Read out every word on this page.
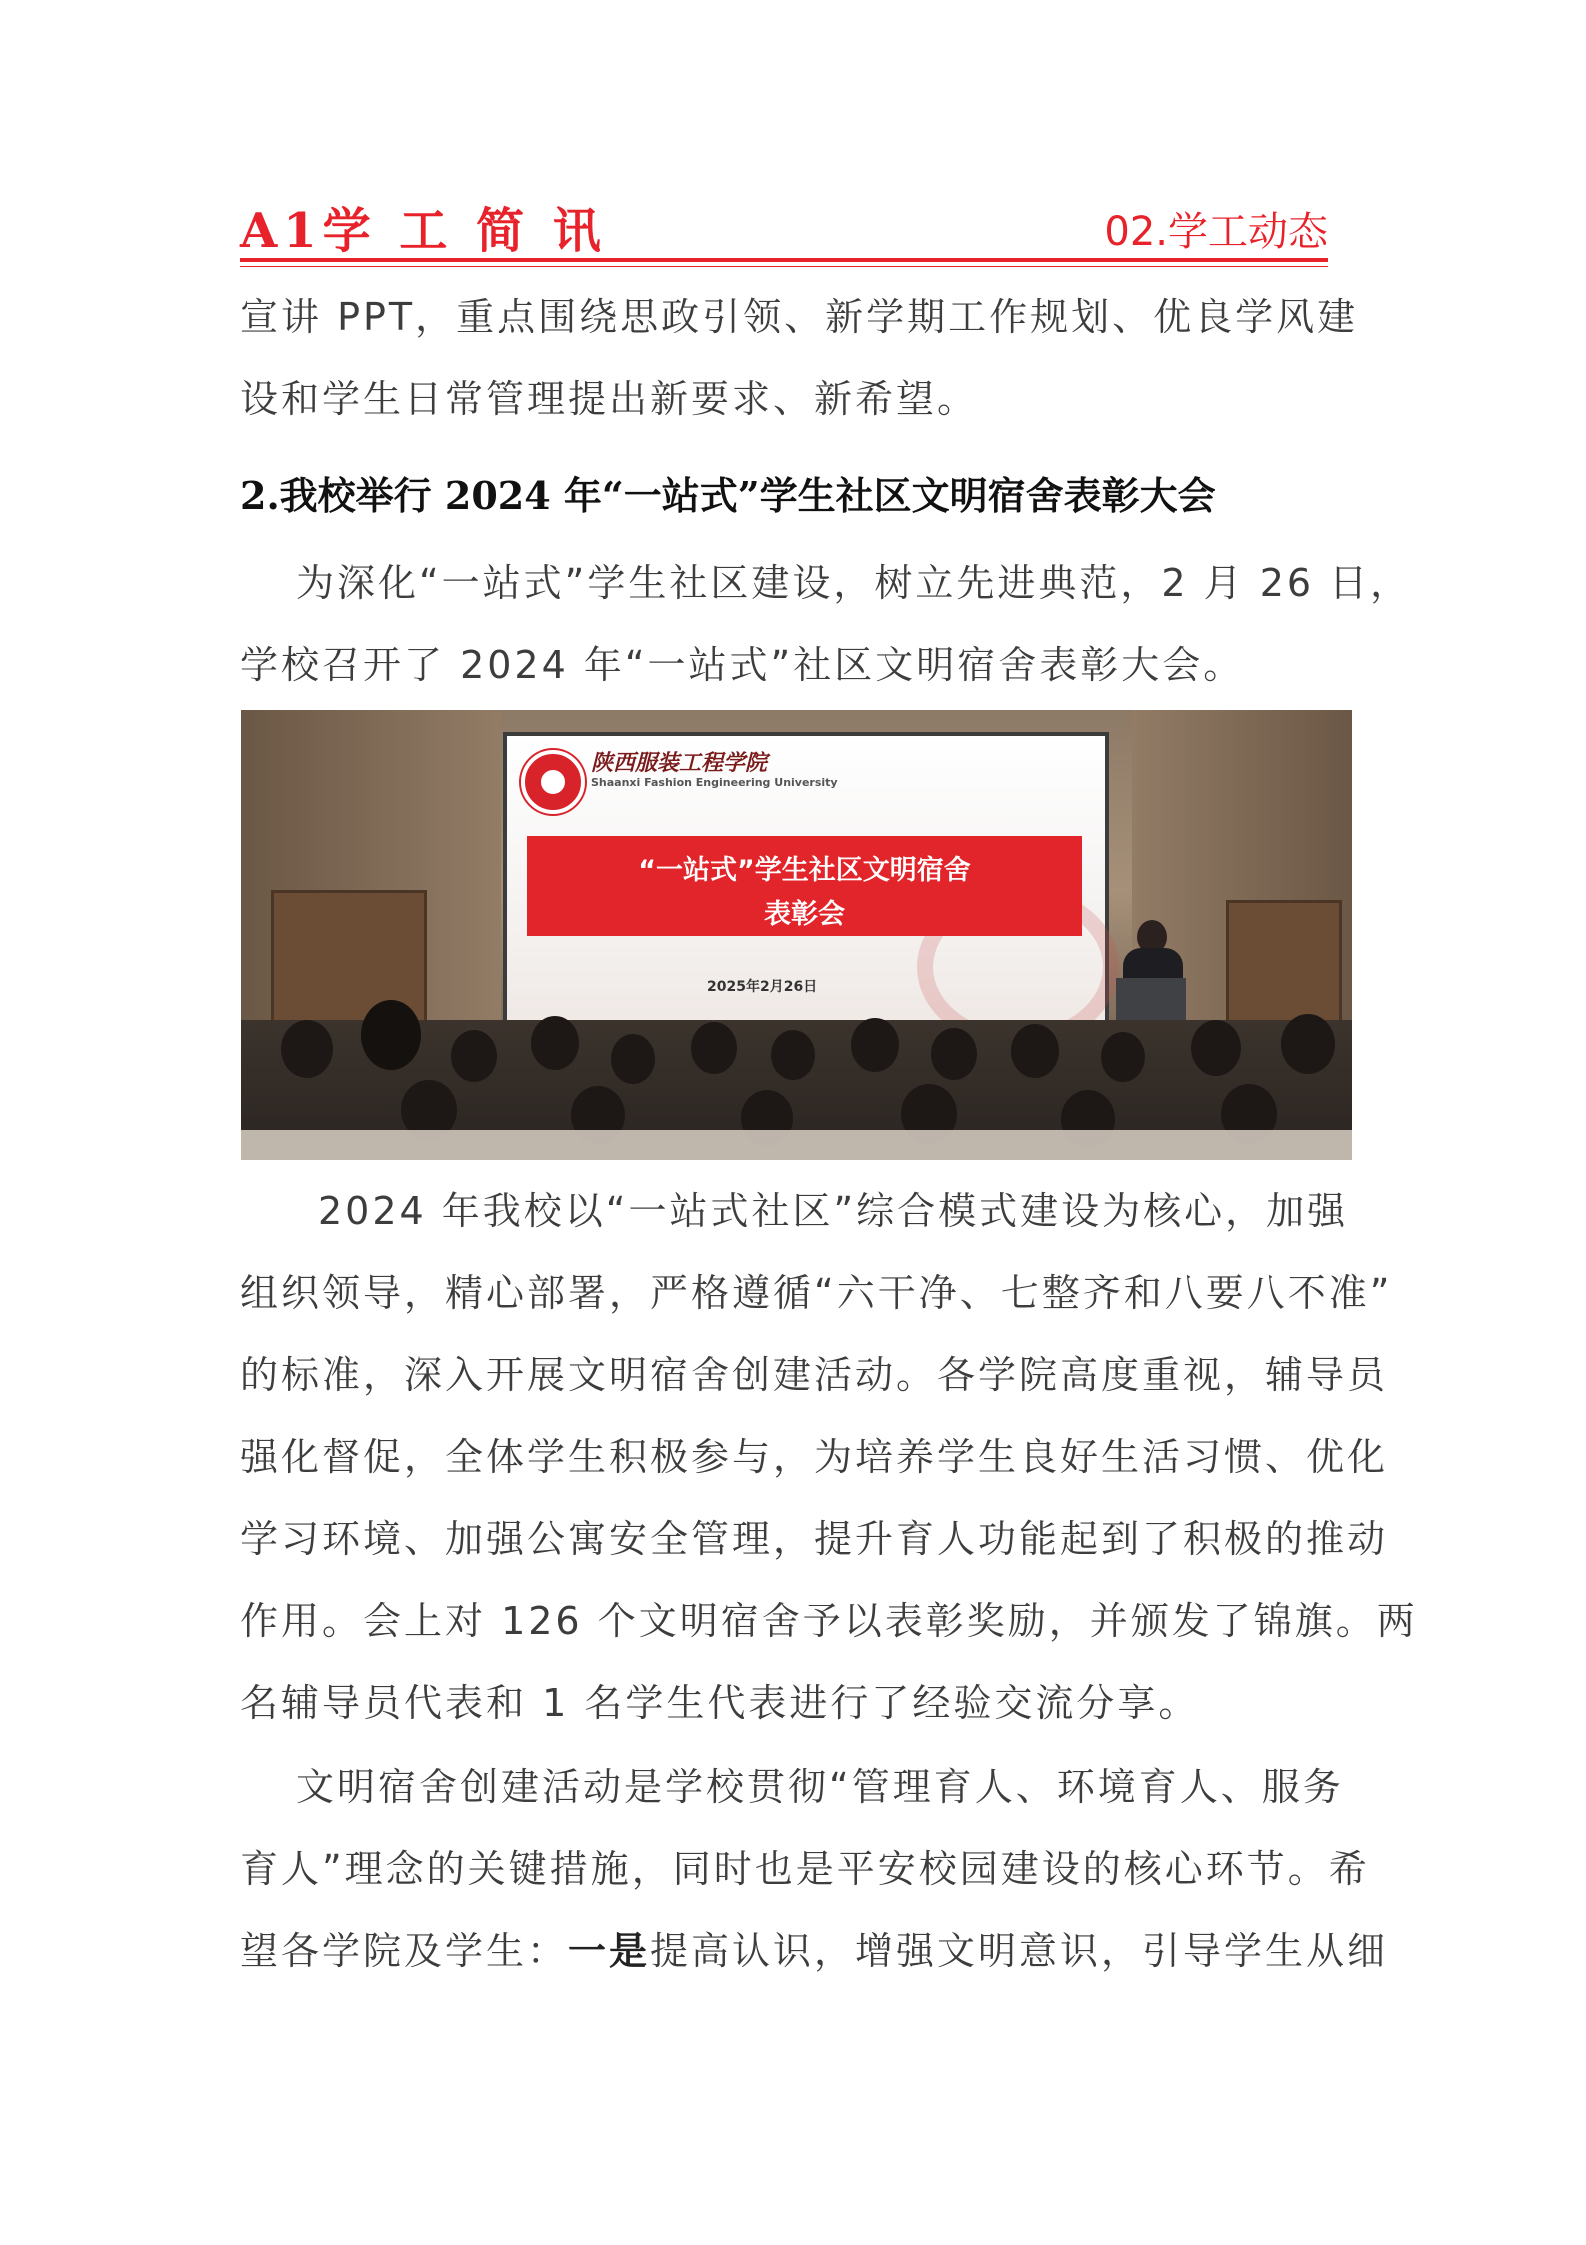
A1学 工 简 讯	02.学工动态
宣讲 PPT，重点围绕思政引领、新学期工作规划、优良学风建
设和学生日常管理提出新要求、新希望。
2.我校举行 2024 年“一站式”学生社区文明宿舍表彰大会
为深化“一站式”学生社区建设，树立先进典范，2 月 26 日，
学校召开了 2024 年“一站式”社区文明宿舍表彰大会。
陕西服装工程学院
Shaanxi Fashion Engineering University
“一站式”学生社区文明宿舍
表彰会
2025年2月26日
2024 年我校以“一站式社区”综合模式建设为核心，加强
组织领导，精心部署，严格遵循“六干净、七整齐和八要八不准”
的标准，深入开展文明宿舍创建活动。各学院高度重视，辅导员
强化督促，全体学生积极参与，为培养学生良好生活习惯、优化
学习环境、加强公寓安全管理，提升育人功能起到了积极的推动
作用。会上对 126 个文明宿舍予以表彰奖励，并颁发了锦旗。两
名辅导员代表和 1 名学生代表进行了经验交流分享。
文明宿舍创建活动是学校贯彻“管理育人、环境育人、服务
育人”理念的关键措施，同时也是平安校园建设的核心环节。希
望各学院及学生：一是提高认识，增强文明意识，引导学生从细
